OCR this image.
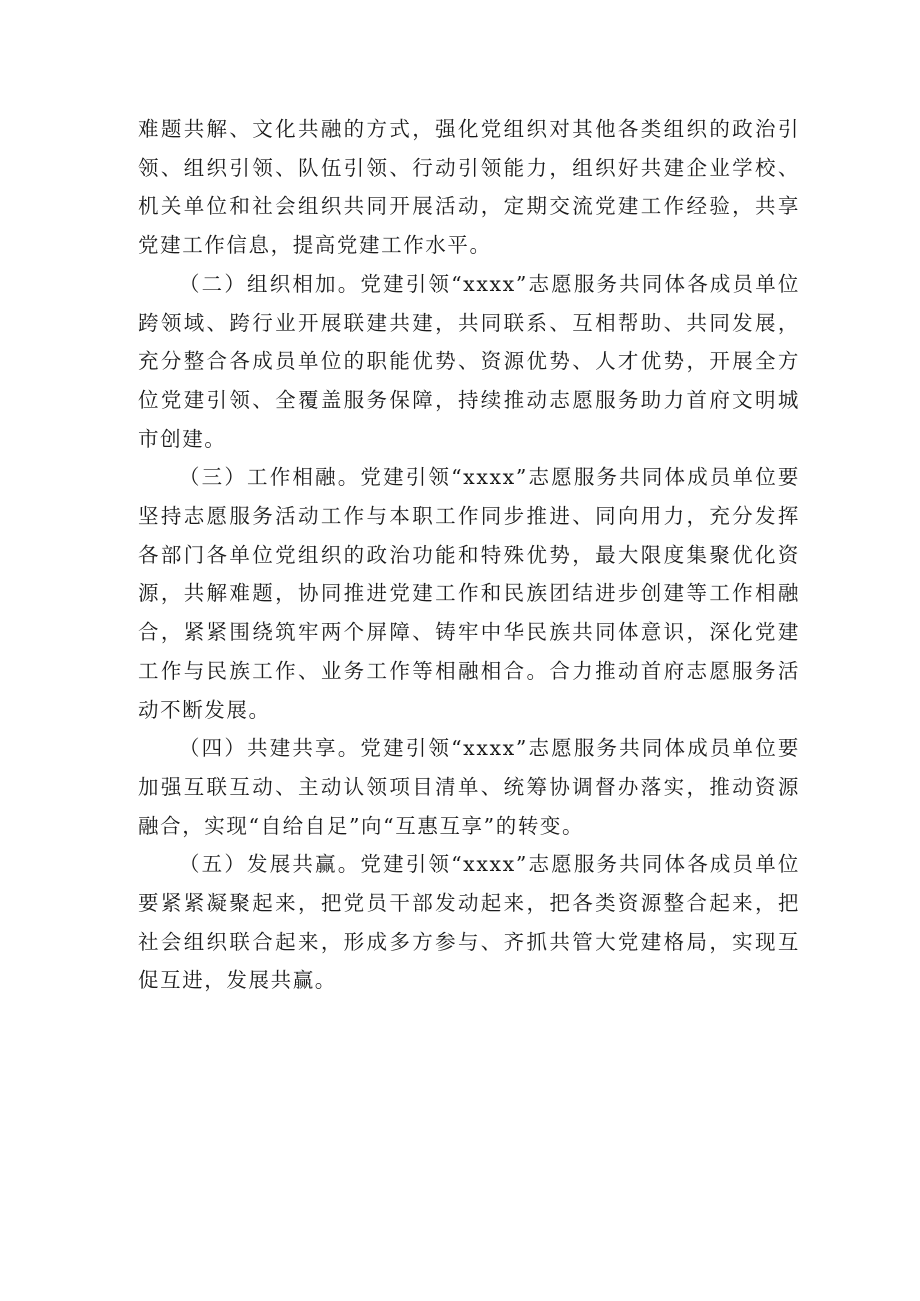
难题共解、文化共融的方式，强化党组织对其他各类组织的政治引领、组织引领、队伍引领、行动引领能力，组织好共建企业学校、机关单位和社会组织共同开展活动，定期交流党建工作经验，共享党建工作信息，提高党建工作水平。

（二）组织相加。党建引领“xxxx”志愿服务共同体各成员单位跨领域、跨行业开展联建共建，共同联系、互相帮助、共同发展，充分整合各成员单位的职能优势、资源优势、人才优势，开展全方位党建引领、全覆盖服务保障，持续推动志愿服务助力首府文明城市创建。

（三）工作相融。党建引领“xxxx”志愿服务共同体成员单位要坚持志愿服务活动工作与本职工作同步推进、同向用力，充分发挥各部门各单位党组织的政治功能和特殊优势，最大限度集聚优化资源，共解难题，协同推进党建工作和民族团结进步创建等工作相融合，紧紧围绕筑牢两个屏障、铸牢中华民族共同体意识，深化党建工作与民族工作、业务工作等相融相合。合力推动首府志愿服务活动不断发展。

（四）共建共享。党建引领“xxxx”志愿服务共同体成员单位要加强互联互动、主动认领项目清单、统筹协调督办落实，推动资源融合，实现“自给自足”向“互惠互享”的转变。

（五）发展共赢。党建引领“xxxx”志愿服务共同体各成员单位要紧紧凝聚起来，把党员干部发动起来，把各类资源整合起来，把社会组织联合起来，形成多方参与、齐抓共管大党建格局，实现互促互进，发展共赢。
